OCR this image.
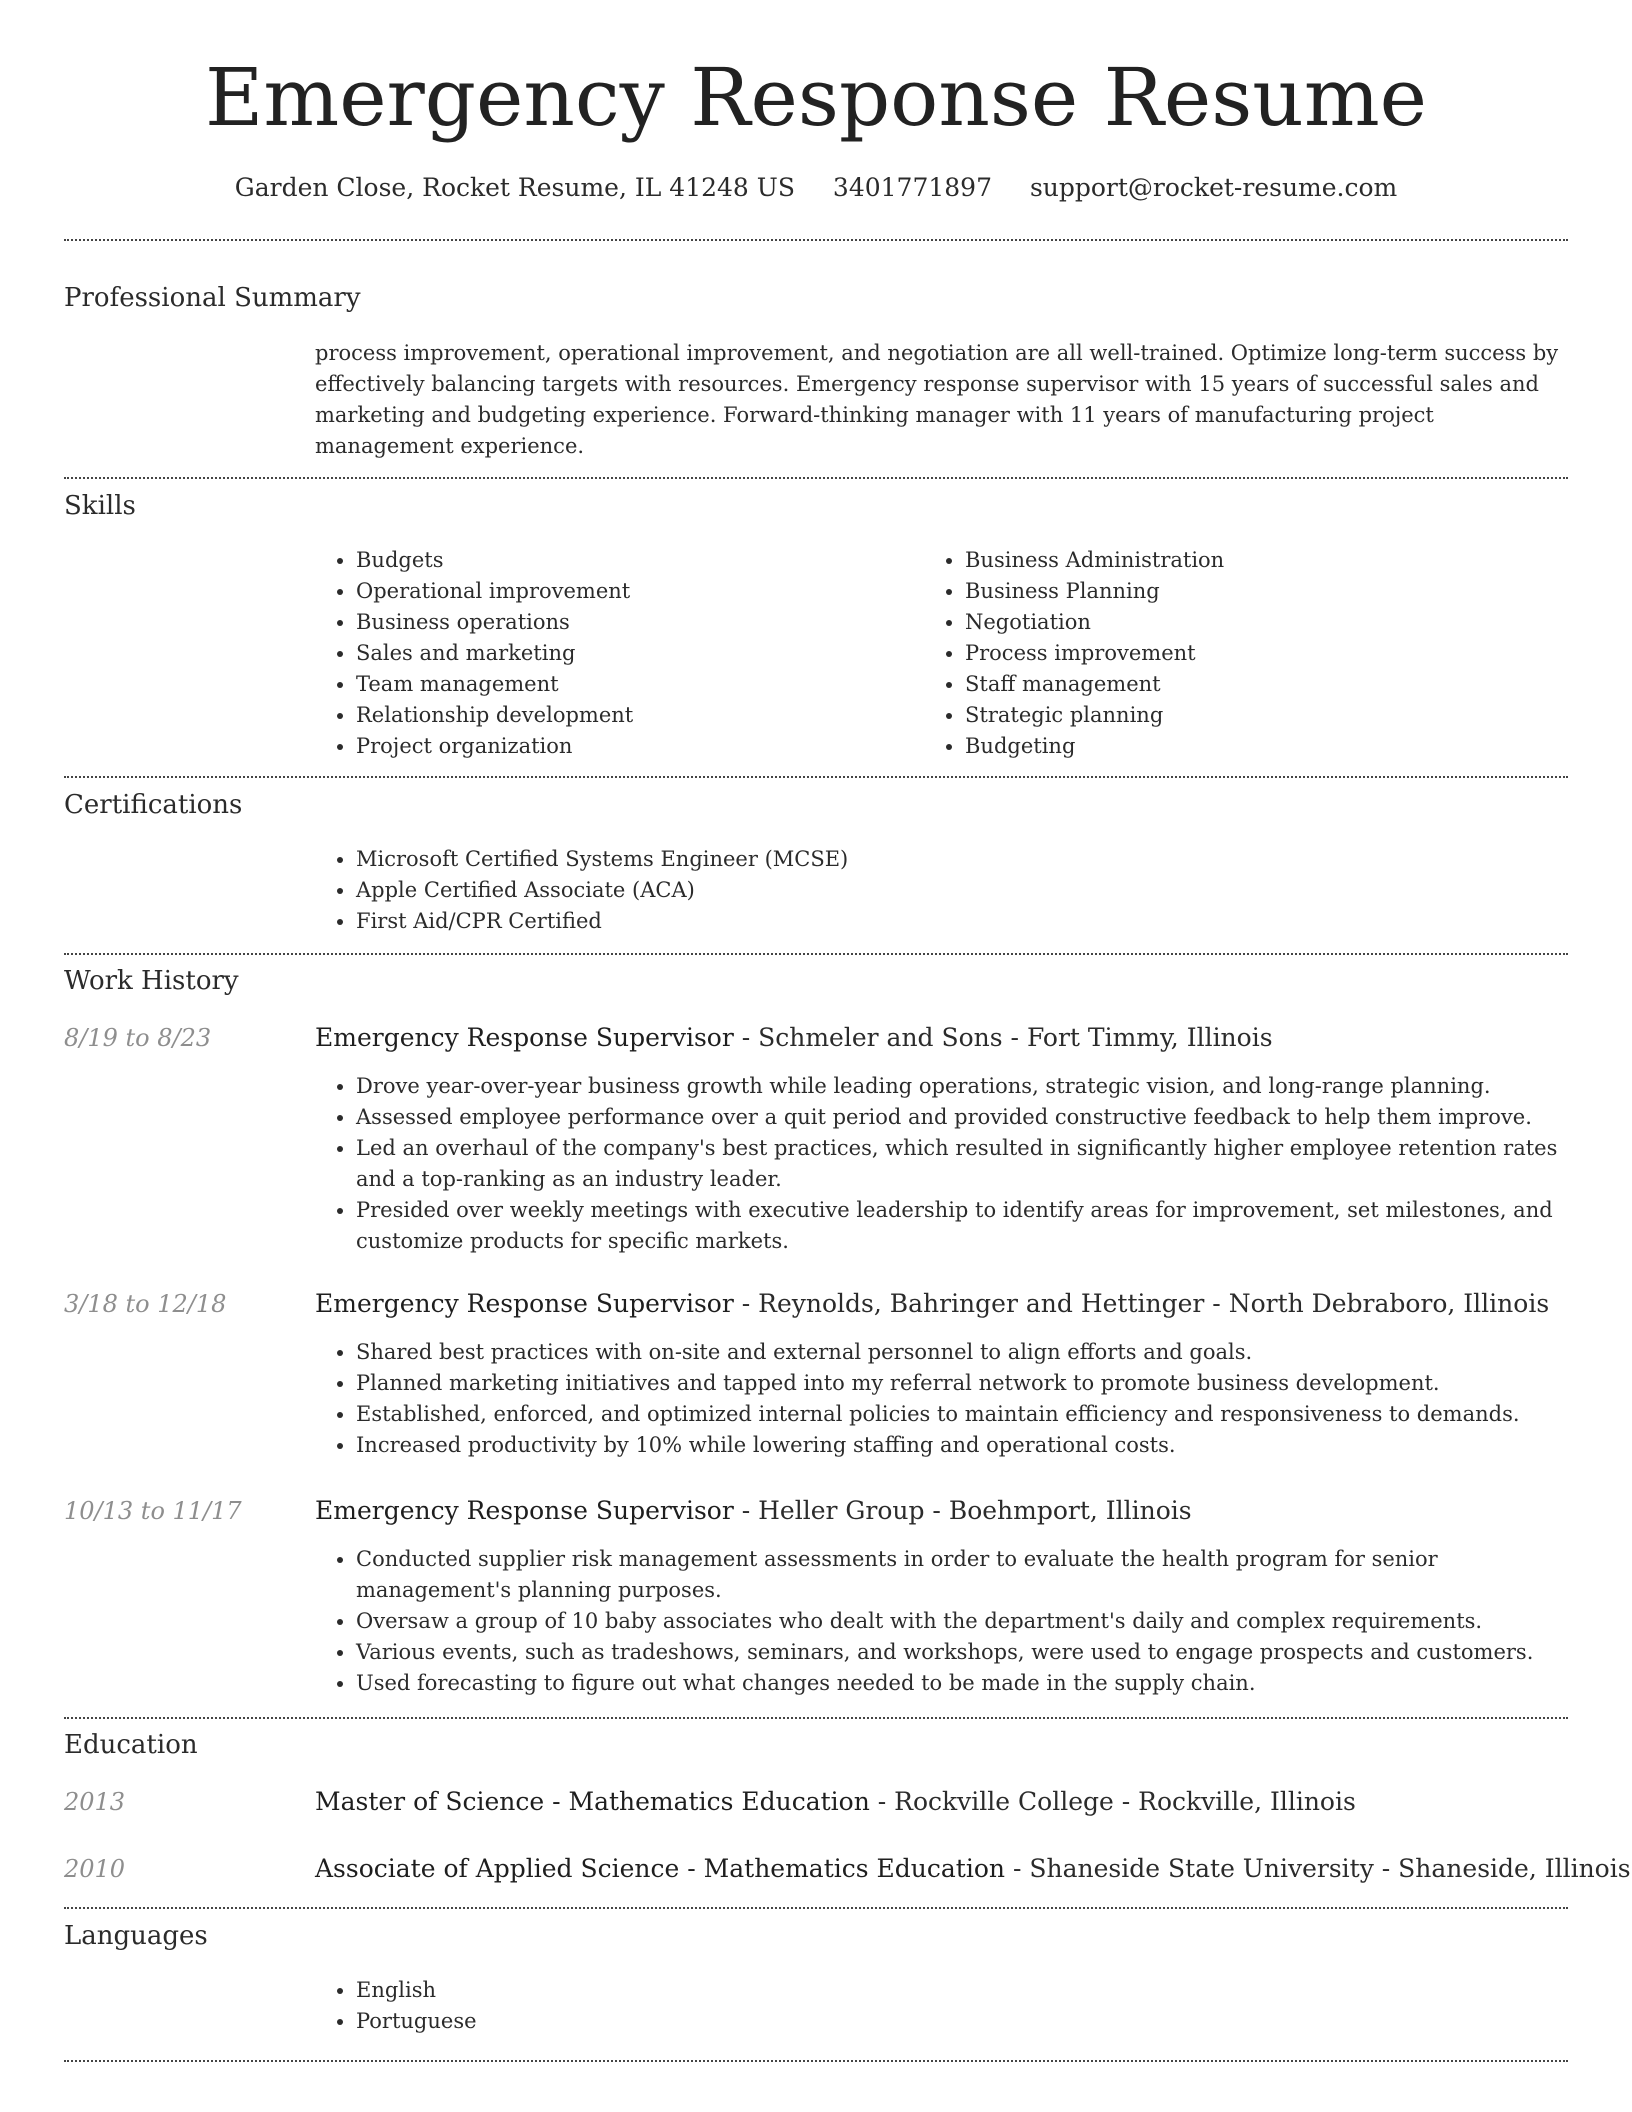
Emergency Response Resume
Garden Close, Rocket Resume, IL 41248 US 3401771897 support@rocket-resume.com
Professional Summary
process improvement, operational improvement, and negotiation are all well-trained. Optimize long-term success by effectively balancing targets with resources. Emergency response supervisor with 15 years of successful sales and marketing and budgeting experience. Forward-thinking manager with 11 years of manufacturing project management experience.
Skills
• Budgets
• Operational improvement
• Business operations
• Sales and marketing
• Team management
• Relationship development
• Project organization
• Business Administration
• Business Planning
• Negotiation
• Process improvement
• Staff management
• Strategic planning
• Budgeting
Certifications
• Microsoft Certified Systems Engineer (MCSE)
• Apple Certified Associate (ACA)
• First Aid/CPR Certified
Work History
8/19 to 8/23	Emergency Response Supervisor - Schmeler and Sons - Fort Timmy, Illinois
• Drove year-over-year business growth while leading operations, strategic vision, and long-range planning.
• Assessed employee performance over a quit period and provided constructive feedback to help them improve.
• Led an overhaul of the company's best practices, which resulted in significantly higher employee retention rates and a top-ranking as an industry leader.
• Presided over weekly meetings with executive leadership to identify areas for improvement, set milestones, and customize products for specific markets.
3/18 to 12/18	Emergency Response Supervisor - Reynolds, Bahringer and Hettinger - North Debraboro, Illinois
• Shared best practices with on-site and external personnel to align efforts and goals.
• Planned marketing initiatives and tapped into my referral network to promote business development.
• Established, enforced, and optimized internal policies to maintain efficiency and responsiveness to demands.
• Increased productivity by 10% while lowering staffing and operational costs.
10/13 to 11/17	Emergency Response Supervisor - Heller Group - Boehmport, Illinois
• Conducted supplier risk management assessments in order to evaluate the health program for senior management's planning purposes.
• Oversaw a group of 10 baby associates who dealt with the department's daily and complex requirements.
• Various events, such as tradeshows, seminars, and workshops, were used to engage prospects and customers.
• Used forecasting to figure out what changes needed to be made in the supply chain.
Education
2013	Master of Science - Mathematics Education - Rockville College - Rockville, Illinois
2010	Associate of Applied Science - Mathematics Education - Shaneside State University - Shaneside, Illinois
Languages
• English
• Portuguese
